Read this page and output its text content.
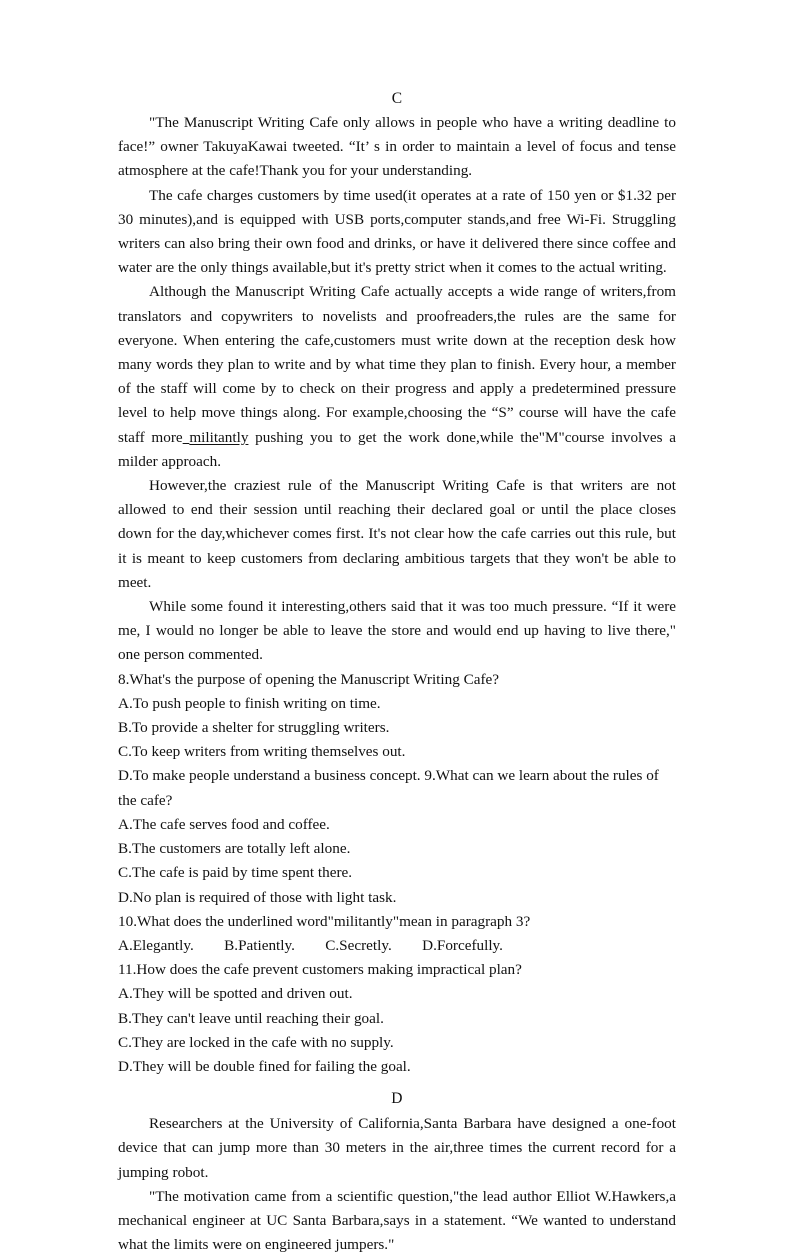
C

"The Manuscript Writing Cafe only allows in people who have a writing deadline to face!” owner TakuyaKawai tweeted. “It’ s in order to maintain a level of focus and tense atmosphere at the cafe!Thank you for your understanding.

The cafe charges customers by time used(it operates at a rate of 150 yen or $1.32 per 30 minutes),and is equipped with USB ports,computer stands,and free Wi-Fi. Struggling writers can also bring their own food and drinks, or have it delivered there since coffee and water are the only things available,but it's pretty strict when it comes to the actual writing.

Although the Manuscript Writing Cafe actually accepts a wide range of writers,from translators and copywriters to novelists and proofreaders,the rules are the same for everyone. When entering the cafe,customers must write down at the reception desk how many words they plan to write and by what time they plan to finish. Every hour, a member of the staff will come by to check on their progress and apply a predetermined pressure level to help move things along. For example,choosing the “S” course will have the cafe staff more militantly pushing you to get the work done,while the"M"course involves a milder approach.

However,the craziest rule of the Manuscript Writing Cafe is that writers are not allowed to end their session until reaching their declared goal or until the place closes down for the day,whichever comes first. It's not clear how the cafe carries out this rule, but it is meant to keep customers from declaring ambitious targets that they won't be able to meet.

While some found it interesting,others said that it was too much pressure. “If it were me, I would no longer be able to leave the store and would end up having to live there," one person commented.

8.What's the purpose of opening the Manuscript Writing Cafe?

A.To push people to finish writing on time.

B.To provide a shelter for struggling writers.

C.To keep writers from writing themselves out.

D.To make people understand a business concept. 9.What can we learn about the rules of the cafe?

A.The cafe serves food and coffee.

B.The customers are totally left alone.

C.The cafe is paid by time spent there.

D.No plan is required of those with light task.

10.What does the underlined word"militantly"mean in paragraph 3?

A.Elegantly.        B.Patiently.        C.Secretly.        D.Forcefully.

11.How does the cafe prevent customers making impractical plan?

A.They will be spotted and driven out.

B.They can't leave until reaching their goal.

C.They are locked in the cafe with no supply.

D.They will be double fined for failing the goal.

D

Researchers at the University of California,Santa Barbara have designed a one-foot device that can jump more than 30 meters in the air,three times the current record for a jumping robot.

"The motivation came from a scientific question,"the lead author Elliot W.Hawkers,a mechanical engineer at UC Santa Barbara,says in a statement. “We wanted to understand what the limits were on engineered jumpers."
